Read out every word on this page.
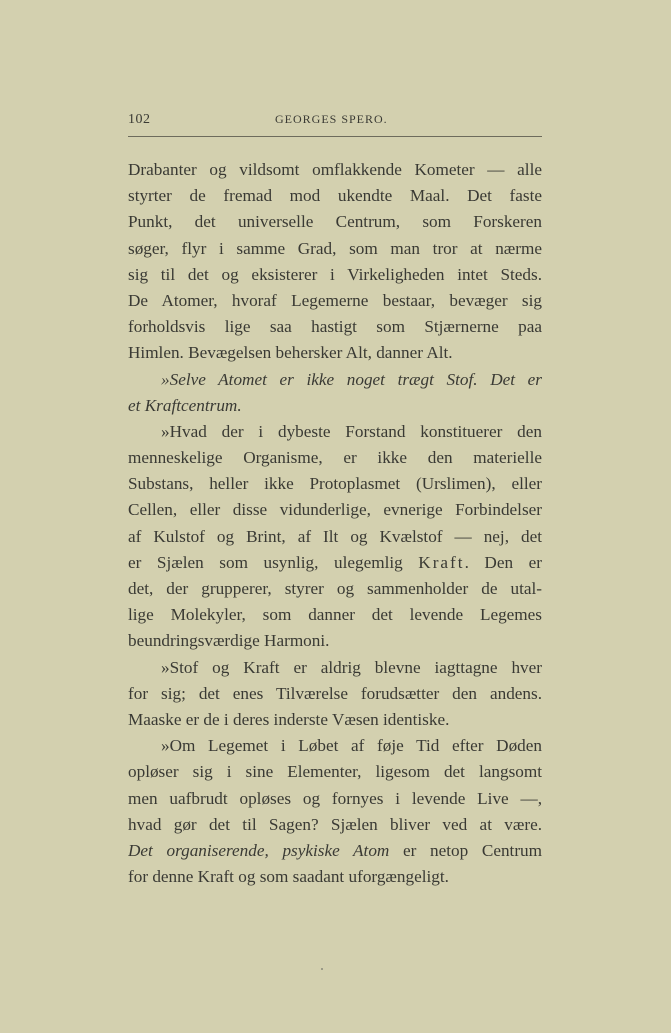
102	GEORGES SPERO.
Drabanter og vildsomt omflakkende Kometer — alle
styrter de fremad mod ukendte Maal. Det faste
Punkt, det universelle Centrum, som Forskeren
søger, flyr i samme Grad, som man tror at nærme
sig til det og eksisterer i Virkeligheden intet Steds.
De Atomer, hvoraf Legemerne bestaar, bevæger sig
forholdsvis lige saa hastigt som Stjærnerne paa
Himlen. Bevægelsen behersker Alt, danner Alt.
»Selve Atomet er ikke noget trægt Stof. Det er
et Kraftcentrum.
»Hvad der i dybeste Forstand konstituerer den
menneskelige Organisme, er ikke den materielle
Substans, heller ikke Protoplasmet (Urslimen), eller
Cellen, eller disse vidunderlige, evnerige Forbindelser
af Kulstof og Brint, af Ilt og Kvælstof — nej, det
er Sjælen som usynlig, ulegemlig Kraft. Den er
det, der grupperer, styrer og sammenholder de utal-
lige Molekyler, som danner det levende Legemes
beundringsværdige Harmoni.
»Stof og Kraft er aldrig blevne iagttagne hver
for sig; det enes Tilværelse forudsætter den andens.
Maaske er de i deres inderste Væsen identiske.
»Om Legemet i Løbet af føje Tid efter Døden
opløser sig i sine Elementer, ligesom det langsomt
men uafbrudt opløses og fornyes i levende Live —,
hvad gør det til Sagen? Sjælen bliver ved at være.
Det organiserende, psykiske Atom er netop Centrum
for denne Kraft og som saadant uforgængeligt.
